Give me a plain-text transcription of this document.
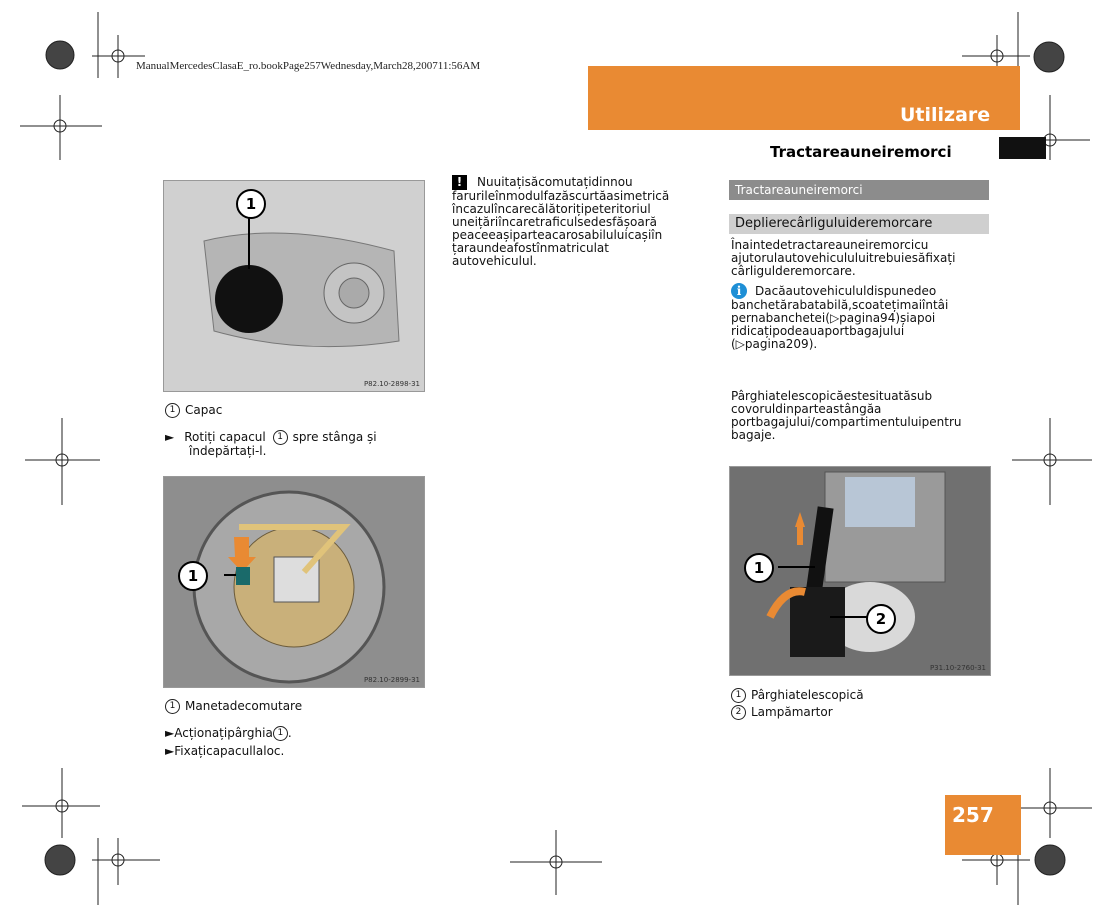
ManualMercedesClasaE_ro.bookPage257Wednesday,March28,200711:56AM
Utilizare
Tractareauneiremorci
1
P82.10-2898-31
1 Capac
► Rotiți capacul 1 spre stânga și
îndepărtați-l.
1
P82.10-2899-31
1 Manetadecomutare
►Acționațipârghia 1 .
►Fixațicapacullaloc.
! Nuuitațisăcomutațidinnou
farurileînmodulfazăscurtăasimetrică
încazulîncarecălătorițipeteritoriul
uneițăriîncaretraficulsedesfășoară
peaceeașiparteacarosabiluluicașiîn
țaraundeafostînmatriculat
autovehiculul.
Tractareauneiremorci
Deplierecârliguluideremorcare
Înaintedetractareauneiremorcicu
ajutorulautovehicululuitrebuiesăfixați
cârligulderemorcare.
i Dacăautovehicululdispunedeo
banchetărabatabilă,scoatețimaiîntâi
pernabanchetei(▷pagina94)șiapoi
ridicațipodeauaportbagajului
(▷pagina209).
Pârghiatelescopicăestesituatăsub
covoruldinparteastângăa
portbagajului/compartimentuluipentru
bagaje.
1
2
P31.10-2760-31
1 Pârghiatelescopică
2 Lampămartor
257
